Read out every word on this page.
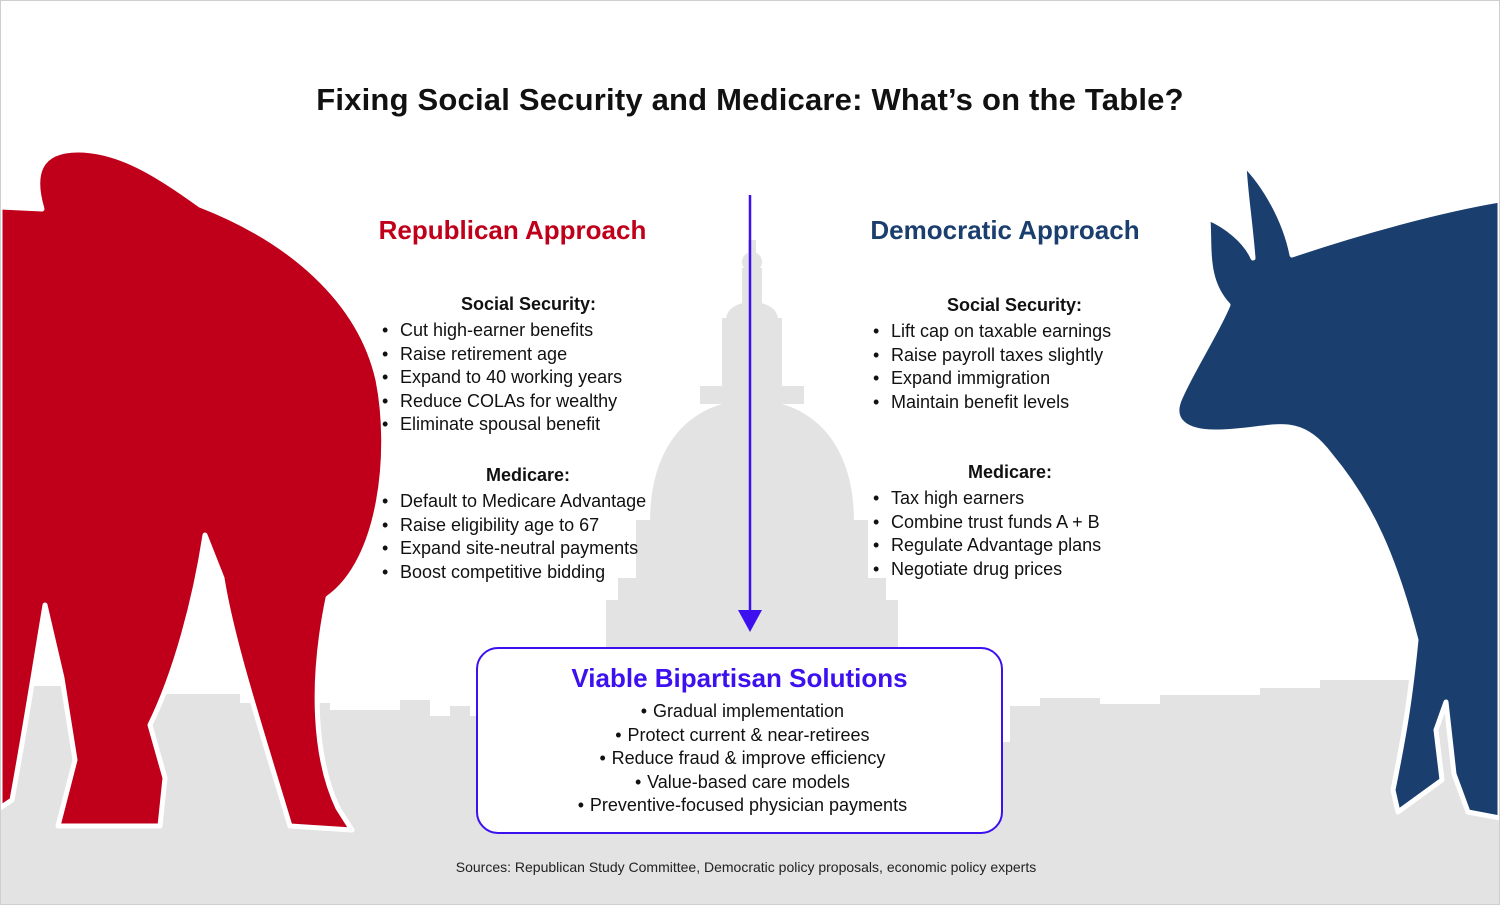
Fixing Social Security and Medicare: What’s on the Table?
Republican Approach	Democratic Approach
Social Security:
• Cut high-earner benefits
• Raise retirement age
• Expand to 40 working years
• Reduce COLAs for wealthy
• Eliminate spousal benefit
Medicare:
• Default to Medicare Advantage
• Raise eligibility age to 67
• Expand site-neutral payments
• Boost competitive bidding
Social Security:
• Lift cap on taxable earnings
• Raise payroll taxes slightly
• Expand immigration
• Maintain benefit levels
Medicare:
• Tax high earners
• Combine trust funds A + B
• Regulate Advantage plans
• Negotiate drug prices
Viable Bipartisan Solutions
• Gradual implementation
• Protect current & near-retirees
• Reduce fraud & improve efficiency
• Value-based care models
• Preventive-focused physician payments
Sources: Republican Study Committee, Democratic policy proposals, economic policy experts
